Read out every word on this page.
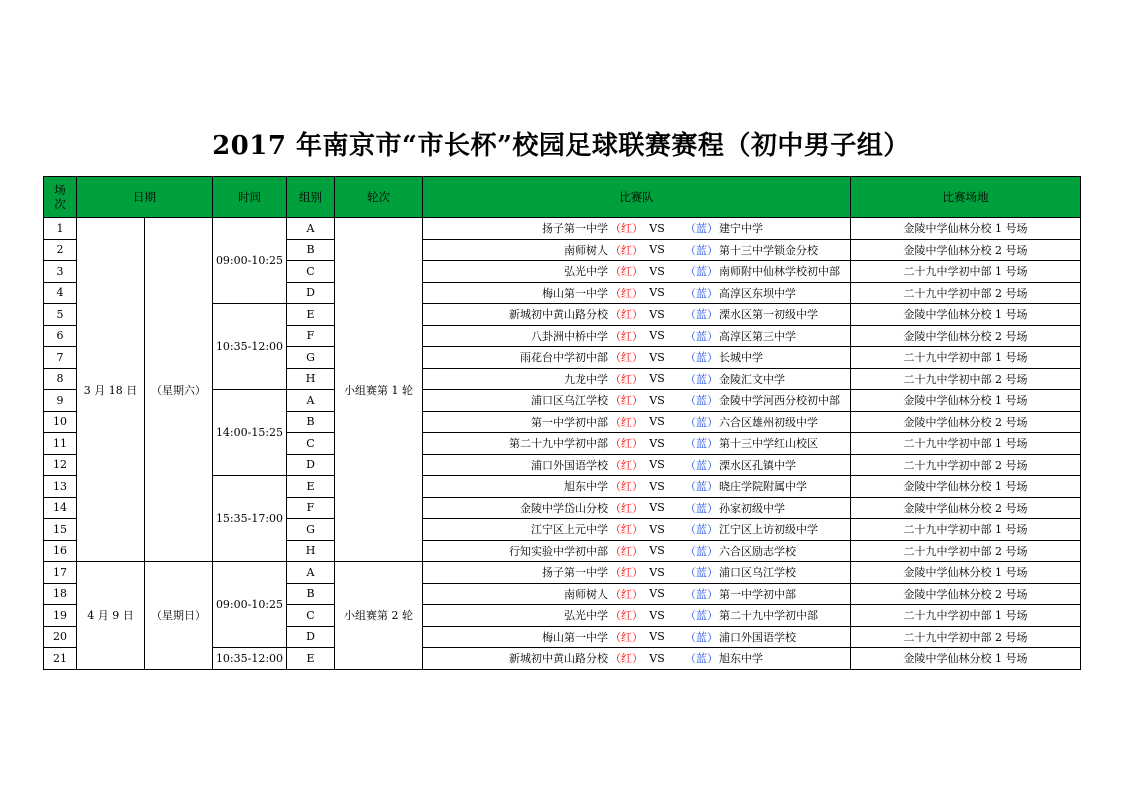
2017 年南京市“市长杯”校园足球联赛赛程（初中男子组）
场
次	日期		时间	组别	轮次	比赛队	比赛场地
1	3 月 18 日	（星期六）	09:00-10:25	A	小组赛第 1 轮	扬子第一中学 （红） VS （蓝） 建宁中学	金陵中学仙林分校 1 号场
2				B		南师树人 （红） VS （蓝） 第十三中学锁金分校	金陵中学仙林分校 2 号场
3				C		弘光中学 （红） VS （蓝） 南师附中仙林学校初中部	二十九中学初中部 1 号场
4				D		梅山第一中学 （红） VS （蓝） 高淳区东坝中学	二十九中学初中部 2 号场
5			10:35-12:00	E		新城初中黄山路分校 （红） VS （蓝） 溧水区第一初级中学	金陵中学仙林分校 1 号场
6				F		八卦洲中桥中学 （红） VS （蓝） 高淳区第三中学	金陵中学仙林分校 2 号场
7				G		雨花台中学初中部 （红） VS （蓝） 长城中学	二十九中学初中部 1 号场
8				H		九龙中学 （红） VS （蓝） 金陵汇文中学	二十九中学初中部 2 号场
9			14:00-15:25	A		浦口区乌江学校 （红） VS （蓝） 金陵中学河西分校初中部	金陵中学仙林分校 1 号场
10				B		第一中学初中部 （红） VS （蓝） 六合区雄州初级中学	金陵中学仙林分校 2 号场
11				C		第二十九中学初中部 （红） VS （蓝） 第十三中学红山校区	二十九中学初中部 1 号场
12				D		浦口外国语学校 （红） VS （蓝） 溧水区孔镇中学	二十九中学初中部 2 号场
13			15:35-17:00	E		旭东中学 （红） VS （蓝） 晓庄学院附属中学	金陵中学仙林分校 1 号场
14				F		金陵中学岱山分校 （红） VS （蓝） 孙家初级中学	金陵中学仙林分校 2 号场
15				G		江宁区上元中学 （红） VS （蓝） 江宁区上访初级中学	二十九中学初中部 1 号场
16				H		行知实验中学初中部 （红） VS （蓝） 六合区励志学校	二十九中学初中部 2 号场
17	4 月 9 日	（星期日）	09:00-10:25	A	小组赛第 2 轮	扬子第一中学 （红） VS （蓝） 浦口区乌江学校	金陵中学仙林分校 1 号场
18				B		南师树人 （红） VS （蓝） 第一中学初中部	金陵中学仙林分校 2 号场
19				C		弘光中学 （红） VS （蓝） 第二十九中学初中部	二十九中学初中部 1 号场
20				D		梅山第一中学 （红） VS （蓝） 浦口外国语学校	二十九中学初中部 2 号场
21			10:35-12:00	E		新城初中黄山路分校 （红） VS （蓝） 旭东中学	金陵中学仙林分校 1 号场
